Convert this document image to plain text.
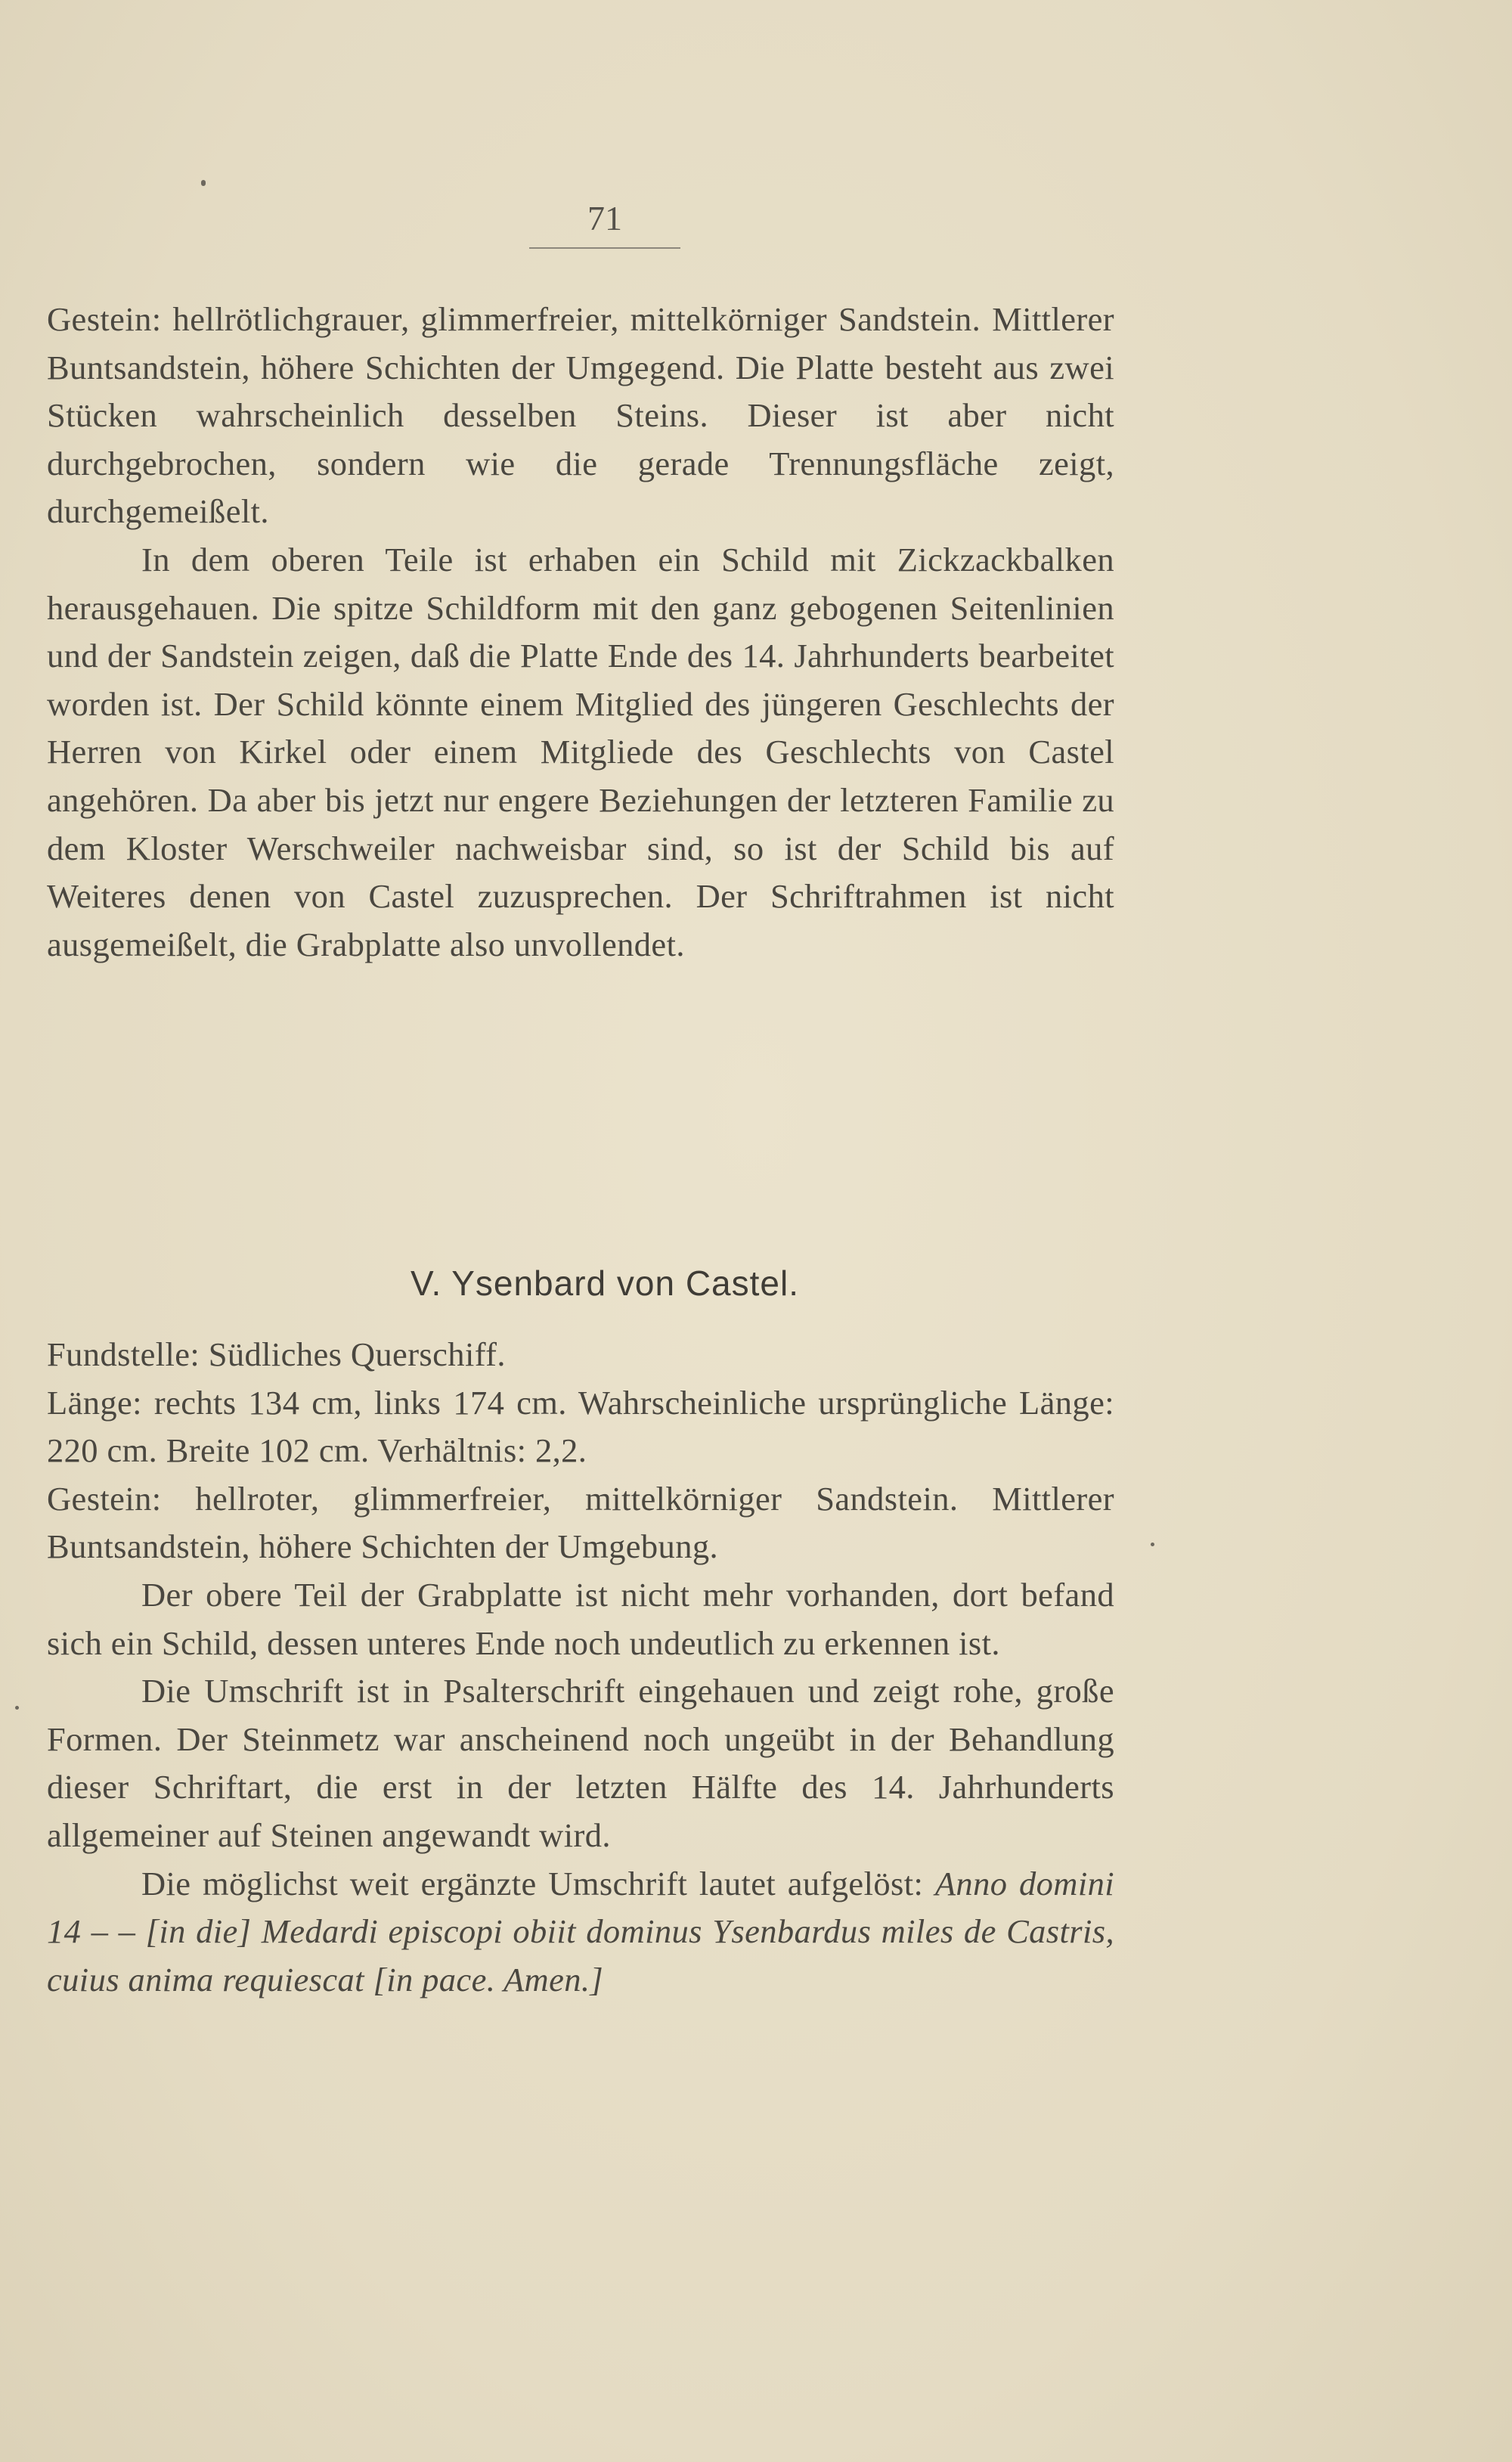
71

Gestein: hellrötlichgrauer, glimmerfreier, mittelkörniger Sandstein. Mittlerer Buntsandstein, höhere Schichten der Umgegend. Die Platte besteht aus zwei Stücken wahrscheinlich desselben Steins. Dieser ist aber nicht durchgebrochen, sondern wie die gerade Trennungsfläche zeigt, durchgemeißelt.

In dem oberen Teile ist erhaben ein Schild mit Zickzackbalken herausgehauen. Die spitze Schildform mit den ganz gebogenen Seitenlinien und der Sandstein zeigen, daß die Platte Ende des 14. Jahrhunderts bearbeitet worden ist. Der Schild könnte einem Mitglied des jüngeren Geschlechts der Herren von Kirkel oder einem Mitgliede des Geschlechts von Castel angehören. Da aber bis jetzt nur engere Beziehungen der letzteren Familie zu dem Kloster Werschweiler nachweisbar sind, so ist der Schild bis auf Weiteres denen von Castel zuzusprechen. Der Schriftrahmen ist nicht ausgemeißelt, die Grabplatte also unvollendet.

V. Ysenbard von Castel.

Fundstelle: Südliches Querschiff.

Länge: rechts 134 cm, links 174 cm. Wahrscheinliche ursprüngliche Länge: 220 cm. Breite 102 cm. Verhältnis: 2,2.

Gestein: hellroter, glimmerfreier, mittelkörniger Sandstein. Mittlerer Buntsandstein, höhere Schichten der Umgebung.

Der obere Teil der Grabplatte ist nicht mehr vorhanden, dort befand sich ein Schild, dessen unteres Ende noch undeutlich zu erkennen ist.

Die Umschrift ist in Psalterschrift eingehauen und zeigt rohe, große Formen. Der Steinmetz war anscheinend noch ungeübt in der Behandlung dieser Schriftart, die erst in der letzten Hälfte des 14. Jahrhunderts allgemeiner auf Steinen angewandt wird.

Die möglichst weit ergänzte Umschrift lautet aufgelöst: Anno domini 14 – – [in die] Medardi episcopi obiit dominus Ysenbardus miles de Castris, cuius anima requiescat [in pace. Amen.]
